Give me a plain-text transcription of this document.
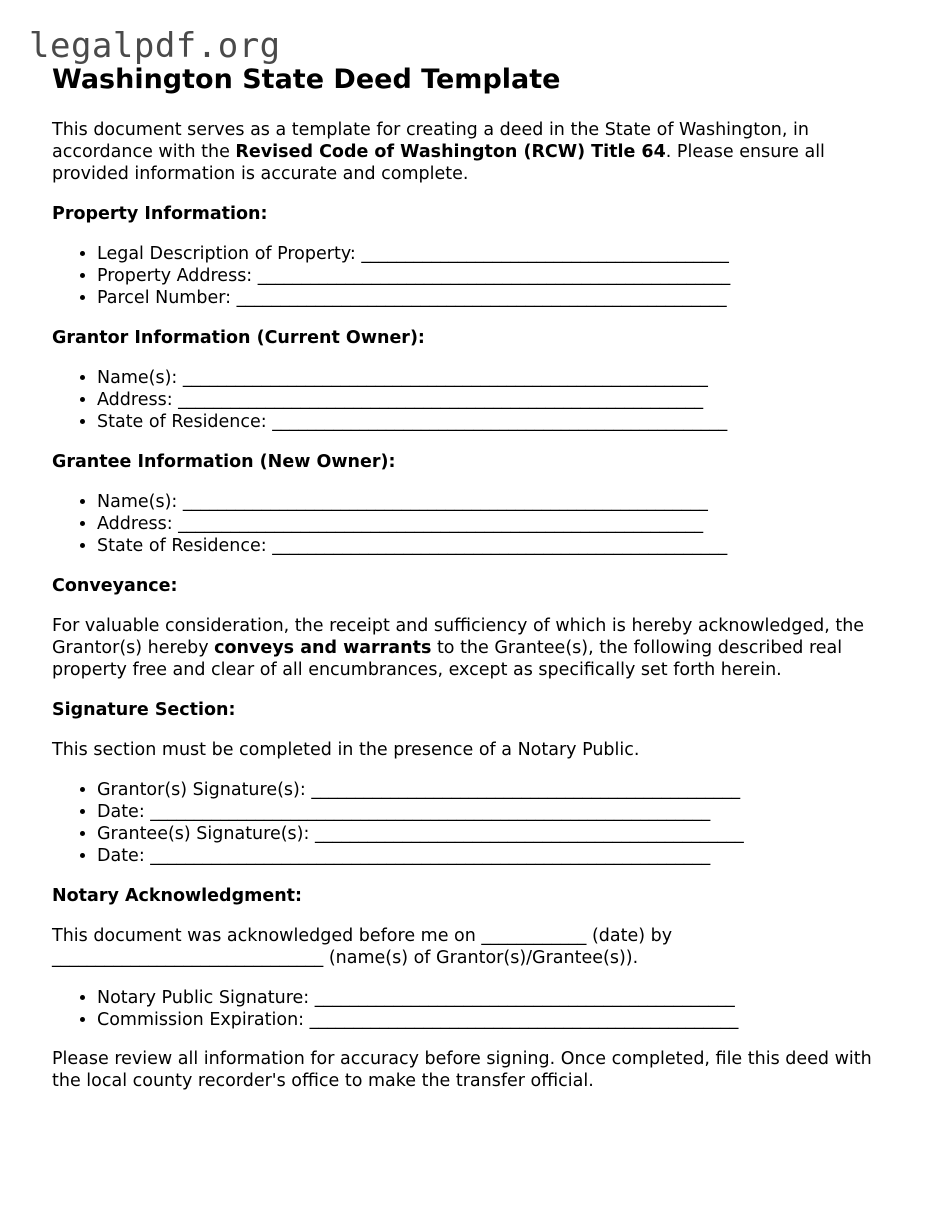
legalpdf.org
Washington State Deed Template

This document serves as a template for creating a deed in the State of Washington, in accordance with the Revised Code of Washington (RCW) Title 64. Please ensure all provided information is accurate and complete.

Property Information:
• Legal Description of Property: __________________________________________
• Property Address: ______________________________________________________
• Parcel Number: ________________________________________________________
Grantor Information (Current Owner):
• Name(s): ____________________________________________________________
• Address: ____________________________________________________________
• State of Residence: ____________________________________________________
Grantee Information (New Owner):
• Name(s): ____________________________________________________________
• Address: ____________________________________________________________
• State of Residence: ____________________________________________________
Conveyance:

For valuable consideration, the receipt and sufficiency of which is hereby acknowledged, the Grantor(s) hereby conveys and warrants to the Grantee(s), the following described real property free and clear of all encumbrances, except as specifically set forth herein.

Signature Section:

This section must be completed in the presence of a Notary Public.

• Grantor(s) Signature(s): _________________________________________________
• Date: ________________________________________________________________
• Grantee(s) Signature(s): _________________________________________________
• Date: ________________________________________________________________
Notary Acknowledgment:

This document was acknowledged before me on ____________ (date) by
_______________________________ (name(s) of Grantor(s)/Grantee(s)).

• Notary Public Signature: ________________________________________________
• Commission Expiration: _________________________________________________

Please review all information for accuracy before signing. Once completed, file this deed with the local county recorder's office to make the transfer official.
